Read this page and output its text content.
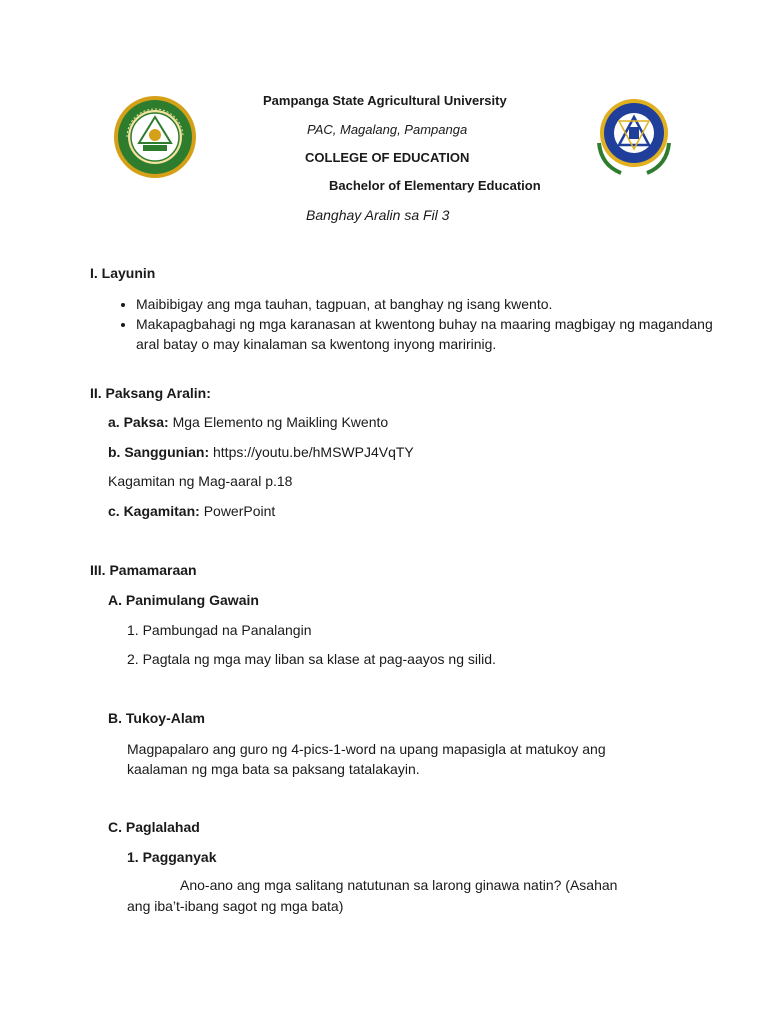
Pampanga State Agricultural University
PAC, Magalang, Pampanga
COLLEGE OF EDUCATION
Bachelor of Elementary Education
Banghay Aralin sa Fil 3
I. Layunin
• Maibibigay ang mga tauhan, tagpuan, at banghay ng isang kwento.
• Makapagbahagi ng mga karanasan at kwentong buhay na maaring magbigay ng magandang aral batay o may kinalaman sa kwentong inyong maririnig.
II. Paksang Aralin:
a. Paksa: Mga Elemento ng Maikling Kwento
b. Sanggunian: https://youtu.be/hMSWPJ4VqTY
Kagamitan ng Mag-aaral p.18
c. Kagamitan: PowerPoint
III. Pamamaraan
A. Panimulang Gawain
1. Pambungad na Panalangin
2. Pagtala ng mga may liban sa klase at pag-aayos ng silid.
B. Tukoy-Alam
Magpapalaro ang guro ng 4-pics-1-word na upang mapasigla at matukoy ang kaalaman ng mga bata sa paksang tatalakayin.
C. Paglalahad
1. Pagganyak
Ano-ano ang mga salitang natutunan sa larong ginawa natin? (Asahan
ang iba’t-ibang sagot ng mga bata)
